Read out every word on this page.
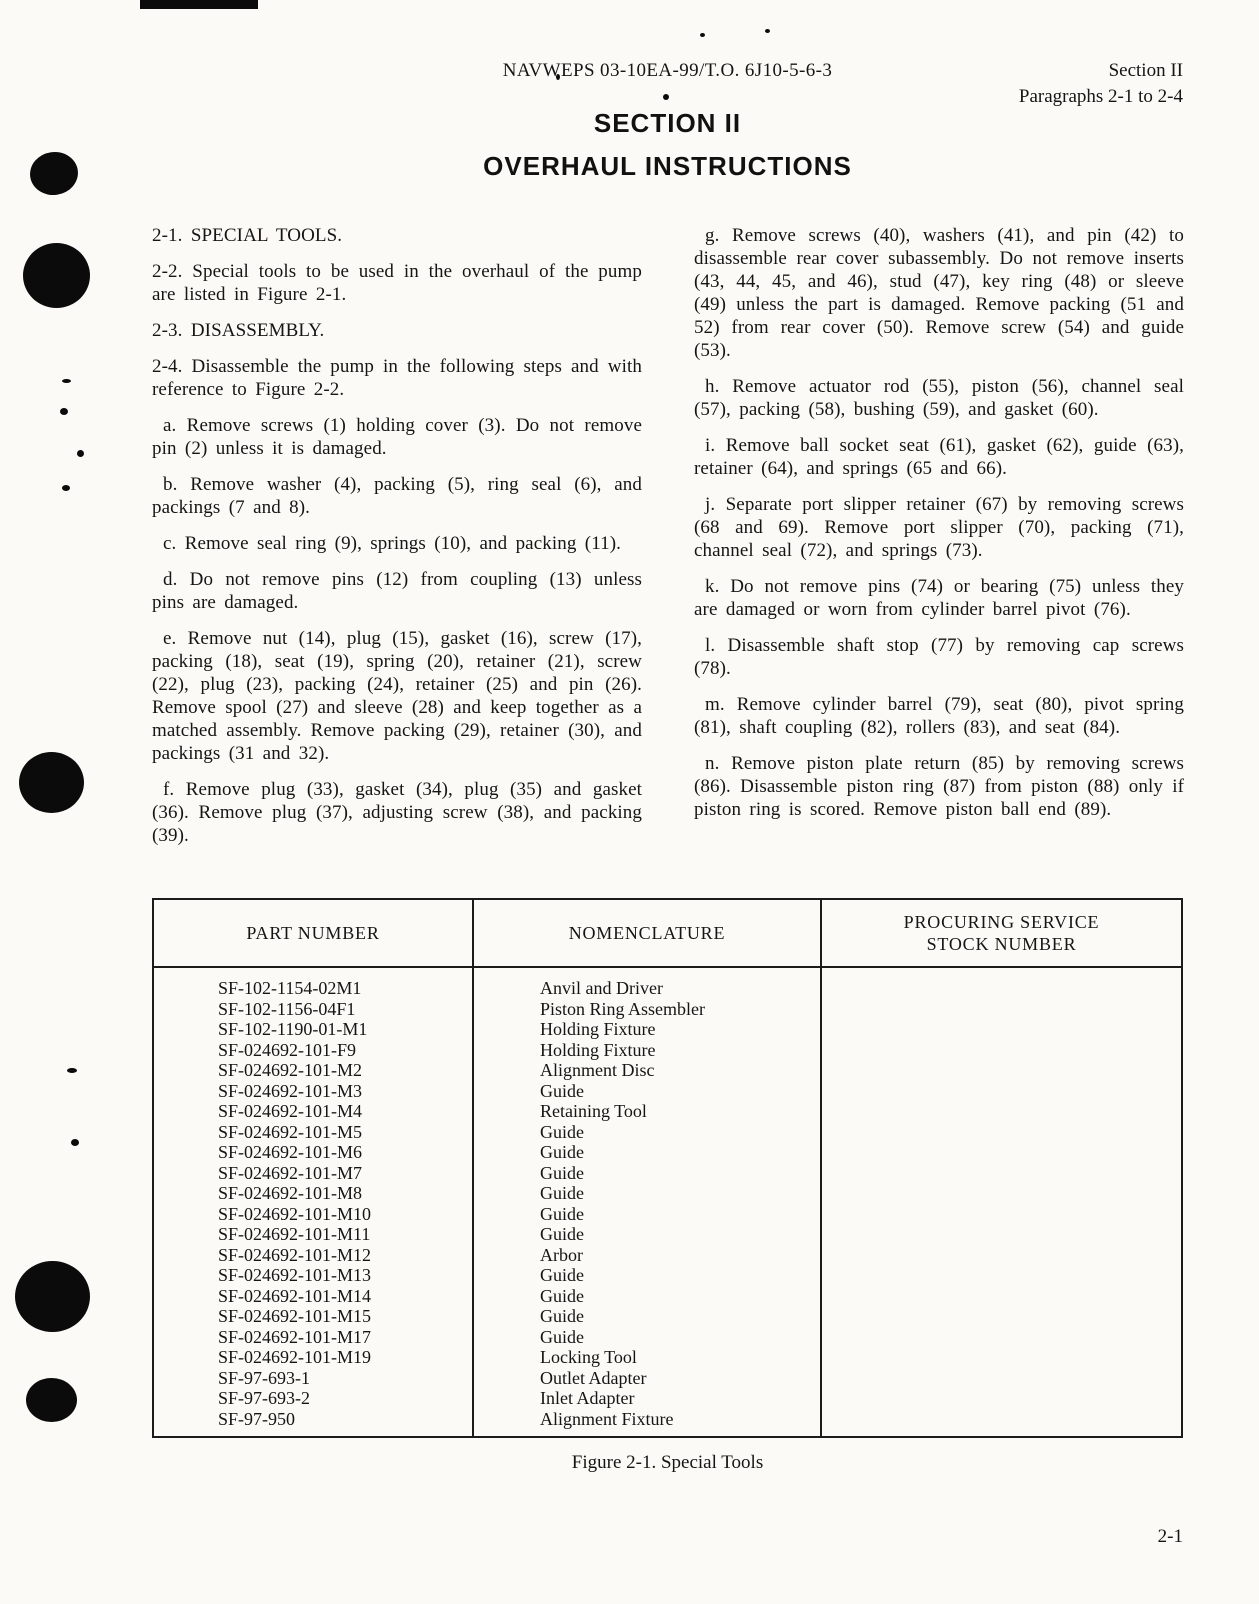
NAVWEPS 03-10EA-99/T.O. 6J10-5-6-3	Section II
Paragraphs 2-1 to 2-4
SECTION II
OVERHAUL INSTRUCTIONS
2-1. SPECIAL TOOLS.
2-2. Special tools to be used in the overhaul of the pump are listed in Figure 2-1.
2-3. DISASSEMBLY.
2-4. Disassemble the pump in the following steps and with reference to Figure 2-2.
a. Remove screws (1) holding cover (3). Do not remove pin (2) unless it is damaged.
b. Remove washer (4), packing (5), ring seal (6), and packings (7 and 8).
c. Remove seal ring (9), springs (10), and packing (11).
d. Do not remove pins (12) from coupling (13) unless pins are damaged.
e. Remove nut (14), plug (15), gasket (16), screw (17), packing (18), seat (19), spring (20), retainer (21), screw (22), plug (23), packing (24), retainer (25) and pin (26). Remove spool (27) and sleeve (28) and keep together as a matched assembly. Remove packing (29), retainer (30), and packings (31 and 32).
f. Remove plug (33), gasket (34), plug (35) and gasket (36). Remove plug (37), adjusting screw (38), and packing (39).
g. Remove screws (40), washers (41), and pin (42) to disassemble rear cover subassembly. Do not remove inserts (43, 44, 45, and 46), stud (47), key ring (48) or sleeve (49) unless the part is damaged. Remove packing (51 and 52) from rear cover (50). Remove screw (54) and guide (53).
h. Remove actuator rod (55), piston (56), channel seal (57), packing (58), bushing (59), and gasket (60).
i. Remove ball socket seat (61), gasket (62), guide (63), retainer (64), and springs (65 and 66).
j. Separate port slipper retainer (67) by removing screws (68 and 69). Remove port slipper (70), packing (71), channel seal (72), and springs (73).
k. Do not remove pins (74) or bearing (75) unless they are damaged or worn from cylinder barrel pivot (76).
l. Disassemble shaft stop (77) by removing cap screws (78).
m. Remove cylinder barrel (79), seat (80), pivot spring (81), shaft coupling (82), rollers (83), and seat (84).
n. Remove piston plate return (85) by removing screws (86). Disassemble piston ring (87) from piston (88) only if piston ring is scored. Remove piston ball end (89).
PART NUMBER	NOMENCLATURE
PROCURING SERVICE
STOCK NUMBER
SF-102-1154-02M1	Anvil and Driver
SF-102-1156-04F1	Piston Ring Assembler
SF-102-1190-01-M1	Holding Fixture
SF-024692-101-F9	Holding Fixture
SF-024692-101-M2	Alignment Disc
SF-024692-101-M3	Guide
SF-024692-101-M4	Retaining Tool
SF-024692-101-M5	Guide
SF-024692-101-M6	Guide
SF-024692-101-M7	Guide
SF-024692-101-M8	Guide
SF-024692-101-M10	Guide
SF-024692-101-M11	Guide
SF-024692-101-M12	Arbor
SF-024692-101-M13	Guide
SF-024692-101-M14	Guide
SF-024692-101-M15	Guide
SF-024692-101-M17	Guide
SF-024692-101-M19	Locking Tool
SF-97-693-1	Outlet Adapter
SF-97-693-2	Inlet Adapter
SF-97-950	Alignment Fixture
Figure 2-1. Special Tools
2-1
